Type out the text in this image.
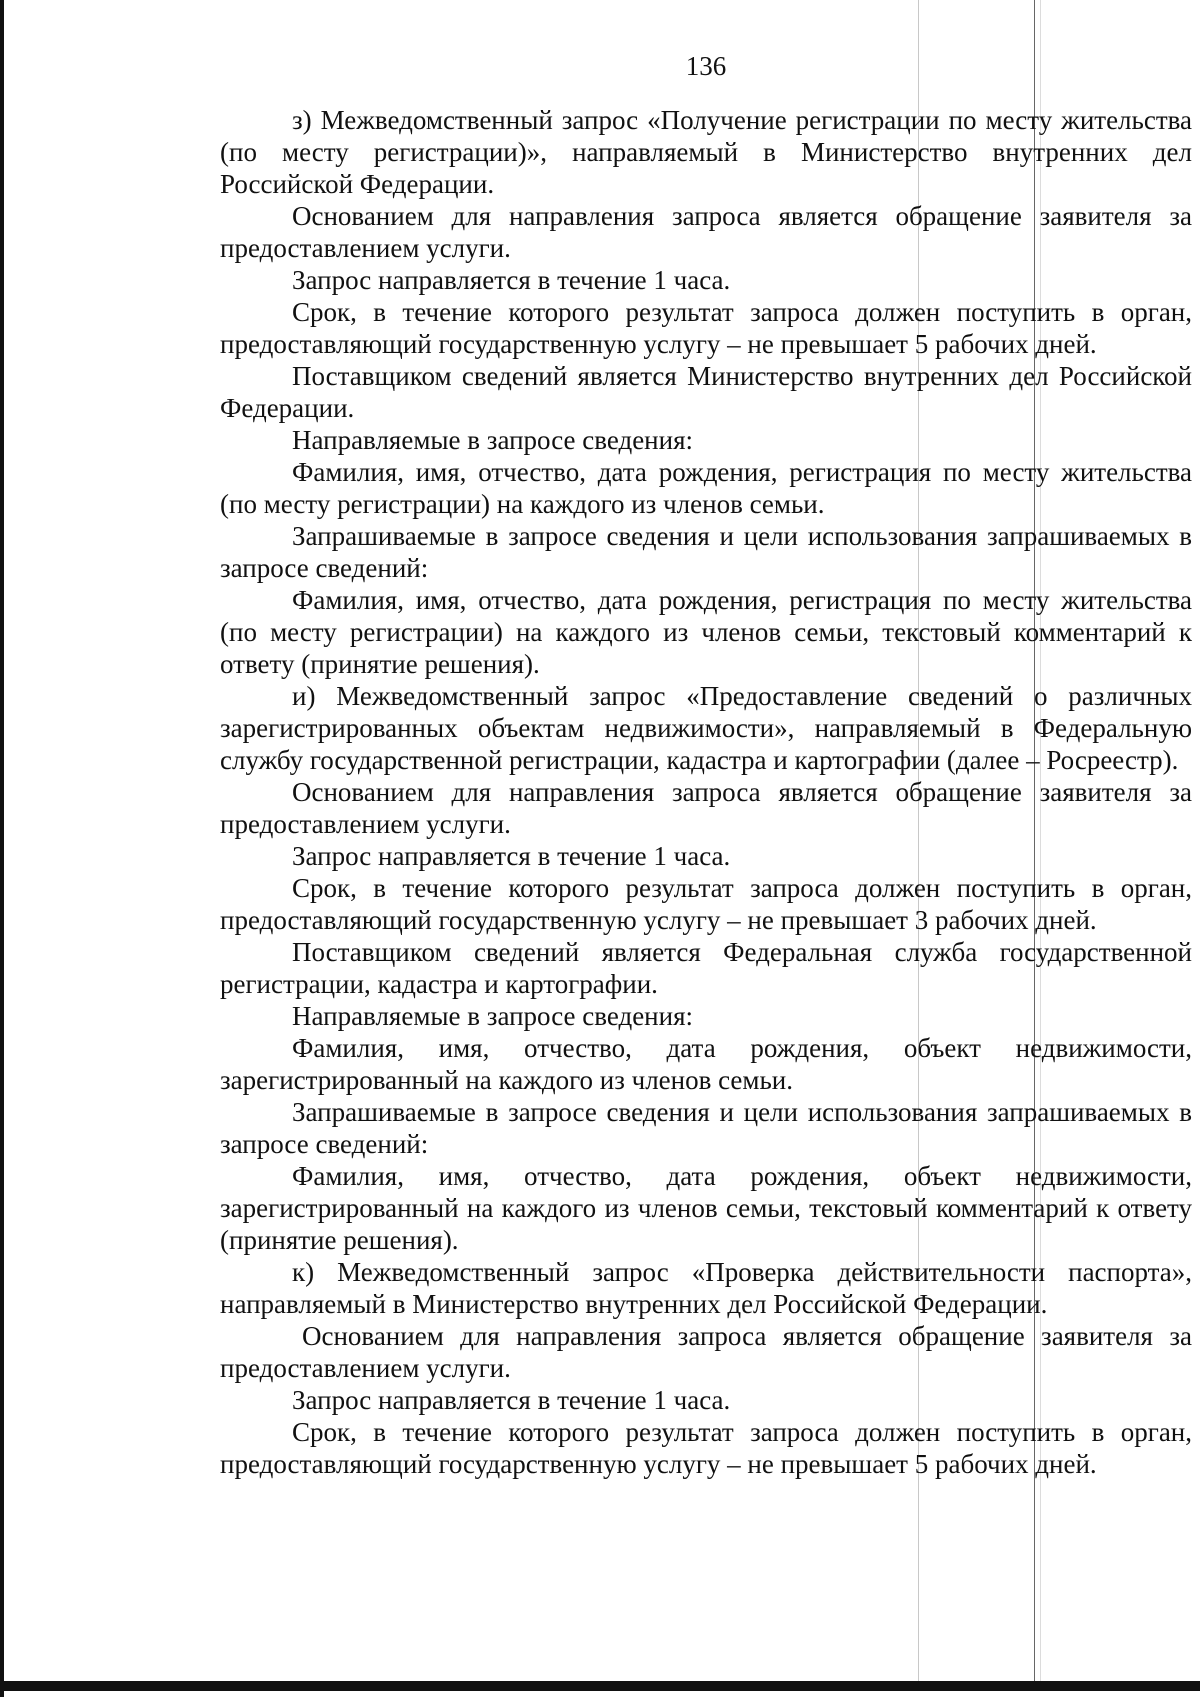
136

з) Межведомственный запрос «Получение регистрации по месту жительства (по месту регистрации)», направляемый в Министерство внутренних дел Российской Федерации.

Основанием для направления запроса является обращение заявителя за предоставлением услуги.

Запрос направляется в течение 1 часа.

Срок, в течение которого результат запроса должен поступить в орган, предоставляющий государственную услугу – не превышает 5 рабочих дней.

Поставщиком сведений является Министерство внутренних дел Российской Федерации.

Направляемые в запросе сведения:

Фамилия, имя, отчество, дата рождения, регистрация по месту жительства (по месту регистрации) на каждого из членов семьи.

Запрашиваемые в запросе сведения и цели использования запрашиваемых в запросе сведений:

Фамилия, имя, отчество, дата рождения, регистрация по месту жительства (по месту регистрации) на каждого из членов семьи, текстовый комментарий к ответу (принятие решения).

и) Межведомственный запрос «Предоставление сведений о различных зарегистрированных объектам недвижимости», направляемый в Федеральную службу государственной регистрации, кадастра и картографии (далее – Росреестр).

Основанием для направления запроса является обращение заявителя за предоставлением услуги.

Запрос направляется в течение 1 часа.

Срок, в течение которого результат запроса должен поступить в орган, предоставляющий государственную услугу – не превышает 3 рабочих дней.

Поставщиком сведений является Федеральная служба государственной регистрации, кадастра и картографии.

Направляемые в запросе сведения:

Фамилия, имя, отчество, дата рождения, объект недвижимости, зарегистрированный на каждого из членов семьи.

Запрашиваемые в запросе сведения и цели использования запрашиваемых в запросе сведений:

Фамилия, имя, отчество, дата рождения, объект недвижимости, зарегистрированный на каждого из членов семьи, текстовый комментарий к ответу (принятие решения).

к) Межведомственный запрос «Проверка действительности паспорта», направляемый в Министерство внутренних дел Российской Федерации.

Основанием для направления запроса является обращение заявителя за предоставлением услуги.

Запрос направляется в течение 1 часа.

Срок, в течение которого результат запроса должен поступить в орган, предоставляющий государственную услугу – не превышает 5 рабочих дней.
